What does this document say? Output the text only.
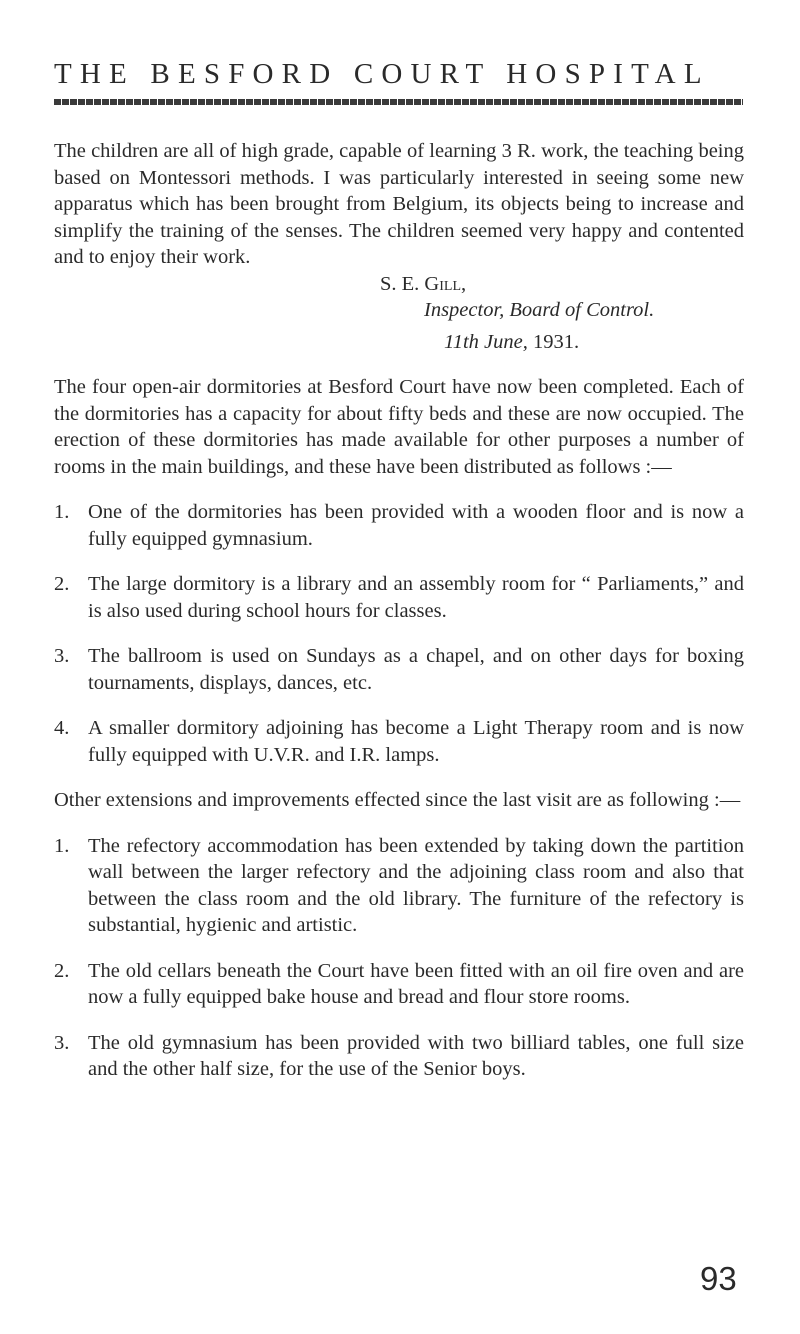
THE BESFORD COURT HOSPITAL

The children are all of high grade, capable of learning 3 R. work, the teaching being based on Montessori methods. I was particularly interested in seeing some new apparatus which has been brought from Belgium, its objects being to increase and simplify the training of the senses. The children seemed very happy and contented and to enjoy their work.

S. E. Gill,
Inspector, Board of Control.
11th June, 1931.

The four open-air dormitories at Besford Court have now been completed. Each of the dormitories has a capacity for about fifty beds and these are now occupied. The erection of these dormitories has made available for other purposes a number of rooms in the main buildings, and these have been distributed as follows :—

1. One of the dormitories has been provided with a wooden floor and is now a fully equipped gymnasium.
2. The large dormitory is a library and an assembly room for “ Parliaments,” and is also used during school hours for classes.
3. The ballroom is used on Sundays as a chapel, and on other days for boxing tournaments, displays, dances, etc.
4. A smaller dormitory adjoining has become a Light Therapy room and is now fully equipped with U.V.R. and I.R. lamps.

Other extensions and improvements effected since the last visit are as following :—

1. The refectory accommodation has been extended by taking down the partition wall between the larger refectory and the adjoining class room and also that between the class room and the old library. The furniture of the refectory is substantial, hygienic and artistic.
2. The old cellars beneath the Court have been fitted with an oil fire oven and are now a fully equipped bake house and bread and flour store rooms.
3. The old gymnasium has been provided with two billiard tables, one full size and the other half size, for the use of the Senior boys.
93
